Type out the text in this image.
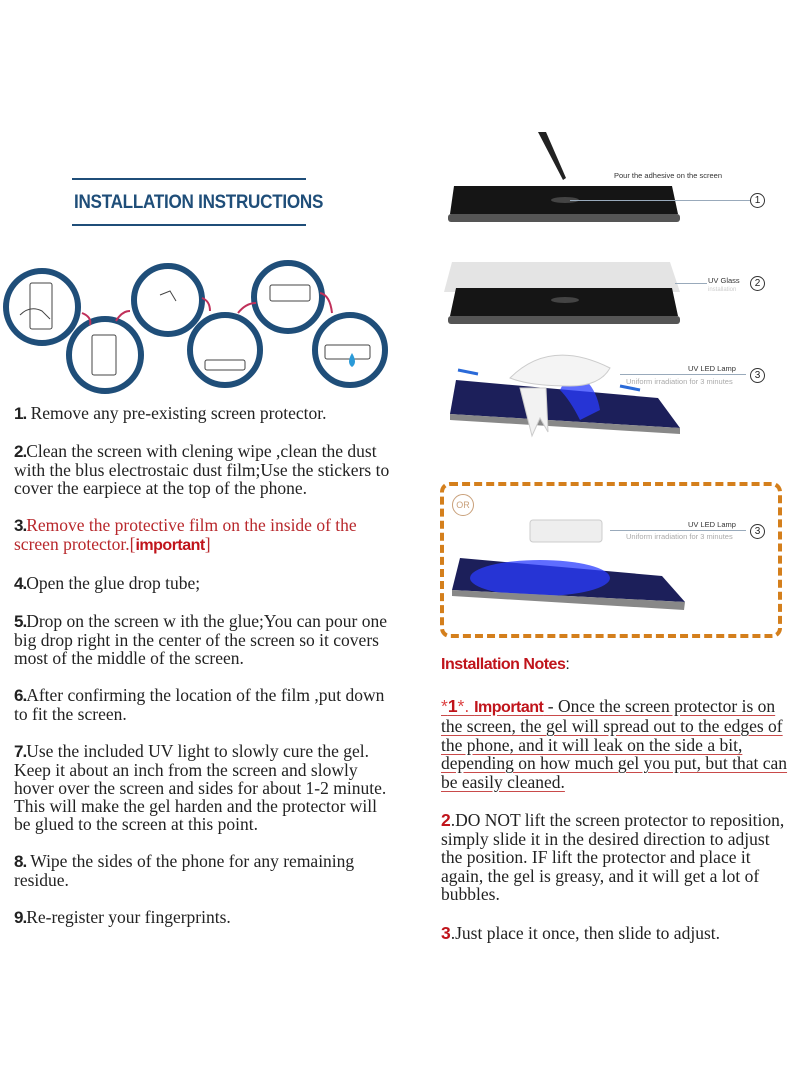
INSTALLATION INSTRUCTIONS
1. Remove any pre-existing screen protector.
2.Clean the screen with clening wipe ,clean the dust with the blus electrostaic dust film;Use the stickers to cover the earpiece at the top of the phone.
3.Remove the protective film on the inside of the screen protector.[important]
4.Open the glue drop tube;
5.Drop on the screen w ith the glue;You can pour one big drop right in the center of the screen so it covers most of the middle of the screen.
6.After confirming the location of the film ,put down to fit the screen.
7.Use the included UV light to slowly cure the gel. Keep it about an inch from the screen and slowly hover over the screen and sides for about 1-2 minute. This will make the gel harden and the protector will be glued to the screen at this point.
8. Wipe the sides of the phone for any remaining residue.
9.Re-register your fingerprints.
Pour the adhesive on the screen
1
UV Glass
installation
2
UV LED Lamp
Uniform irradiation for 3 minutes
3
UV LED Lamp
Uniform irradiation for 3 minutes	3
OR
Installation Notes:
*1*. Important - Once the screen protector is on the screen, the gel will spread out to the edges of the phone, and it will leak on the side a bit, depending on how much gel you put, but that can be easily cleaned.
2.DO NOT lift the screen protector to reposition, simply slide it in the desired direction to adjust the position. IF lift the protector and place it again, the gel is greasy, and it will get a lot of bubbles.
3.Just place it once, then slide to adjust.
